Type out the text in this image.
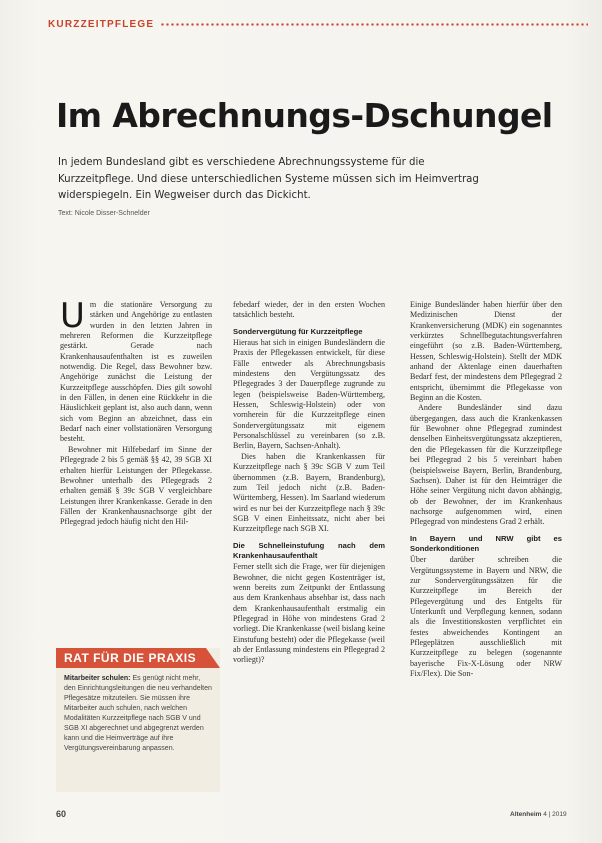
KURZZEITPFLEGE
Im Abrechnungs-Dschungel

In jedem Bundesland gibt es verschiedene Abrechnungssysteme für die Kurzzeitpflege. Und diese unterschiedlichen Systeme müssen sich im Heimvertrag widerspiegeln. Ein Wegweiser durch das Dickicht.

Text: Nicole Disser-Schnelder
U m die stationäre Versorgung zu stärken und Angehörige zu entlasten wurden in den letzten Jahren in mehreren Reformen die Kurzzeitpflege gestärkt. Gerade nach Krankenhausaufenthalten ist es zuweilen notwendig. Die Regel, dass Bewohner bzw. Angehörige zunächst die Leistung der Kurzzeitpflege ausschöpfen. Dies gilt sowohl in den Fällen, in denen eine Rückkehr in die Häuslichkeit geplant ist, also auch dann, wenn sich vom Beginn an abzeichnet, dass ein Bedarf nach einer vollstationären Versorgung besteht.

Bewohner mit Hilfebedarf im Sinne der Pflegegrade 2 bis 5 gemäß §§ 42, 39 SGB XI erhalten hierfür Leistungen der Pflegekasse. Bewohner unterhalb des Pflegegrads 2 erhalten gemäß § 39c SGB V vergleichbare Leistungen ihrer Krankenkasse. Gerade in den Fällen der Krankenhausnachsorge gibt der Pflegegrad jedoch häufig nicht den Hil-

febedarf wieder, der in den ersten Wochen tatsächlich besteht.

Sondervergütung für Kurzzeitpflege

Hieraus hat sich in einigen Bundesländern die Praxis der Pflegekassen entwickelt, für diese Fälle entweder als Abrechnungsbasis mindestens den Vergütungssatz des Pflegegrades 3 der Dauerpflege zugrunde zu legen (beispielsweise Baden-Württemberg, Hessen, Schleswig-Holstein) oder von vornherein für die Kurzzeitpflege einen Sondervergütungssatz mit eigenem Personalschlüssel zu vereinbaren (so z.B. Berlin, Bayern, Sachsen-Anhalt).

Dies haben die Krankenkassen für Kurzzeitpflege nach § 39c SGB V zum Teil übernommen (z.B. Bayern, Brandenburg), zum Teil jedoch nicht (z.B. Baden-Württemberg, Hessen). Im Saarland wiederum wird es nur bei der Kurzzeitpflege nach § 39c SGB V einen Einheitssatz, nicht aber bei Kurzzeitpflege nach SGB XI.

Die Schnelleinstufung nach dem Krankenhausaufenthalt

Ferner stellt sich die Frage, wer für diejenigen Bewohner, die nicht gegen Kostenträger ist, wenn bereits zum Zeitpunkt der Entlassung aus dem Krankenhaus absehbar ist, dass nach dem Krankenhausaufenthalt erstmalig ein Pflegegrad in Höhe von mindestens Grad 2 vorliegt. Die Krankenkasse (weil bislang keine Einstufung besteht) oder die Pflegekasse (weil ab der Entlassung mindestens ein Pflegegrad 2 vorliegt)?

Einige Bundesländer haben hierfür über den Medizinischen Dienst der Krankenversicherung (MDK) ein sogenanntes verkürztes Schnellbegutachtungsverfahren eingeführt (so z.B. Baden-Württemberg, Hessen, Schleswig-Holstein). Stellt der MDK anhand der Aktenlage einen dauerhaften Bedarf fest, der mindestens dem Pflegegrad 2 entspricht, übernimmt die Pflegekasse von Beginn an die Kosten.

Andere Bundesländer sind dazu übergegangen, dass auch die Krankenkassen für Bewohner ohne Pflegegrad zumindest denselben Einheitsvergütungssatz akzeptieren, den die Pflegekassen für die Kurzzeitpflege bei Pflegegrad 2 bis 5 vereinbart haben (beispielsweise Bayern, Berlin, Brandenburg, Sachsen). Daher ist für den Heimträger die Höhe seiner Vergütung nicht davon abhängig, ob der Bewohner, der im Krankenhaus nachsorge aufgenommen wird, einen Pflegegrad von mindestens Grad 2 erhält.

In Bayern und NRW gibt es Sonderkonditionen

Über darüber schreiben die Vergütungssysteme in Bayern und NRW, die zur Sondervergütungssätzen für die Kurzzeitpflege im Bereich der Pflegevergütung und des Entgelts für Unterkunft und Verpflegung kennen, sodann als die Investitionskosten verpflichtet ein festes abweichendes Kontingent an Pflegeplätzen ausschließlich mit Kurzzeitpflege zu belegen (sogenannte bayerische Fix-X-Lösung oder NRW Fix/Flex). Die Son-

RAT FÜR DIE PRAXIS
Mitarbeiter schulen: Es genügt nicht mehr, den Einrichtungsleitungen die neu verhandelten Pflegesätze mitzuteilen. Sie müssen ihre Mitarbeiter auch schulen, nach welchen Modalitäten Kurzzeitpflege nach SGB V und SGB XI abgerechnet und abgegrenzt werden kann und die Heimverträge auf ihre Vergütungsvereinbarung anpassen.
60	Altenheim 4 | 2019
